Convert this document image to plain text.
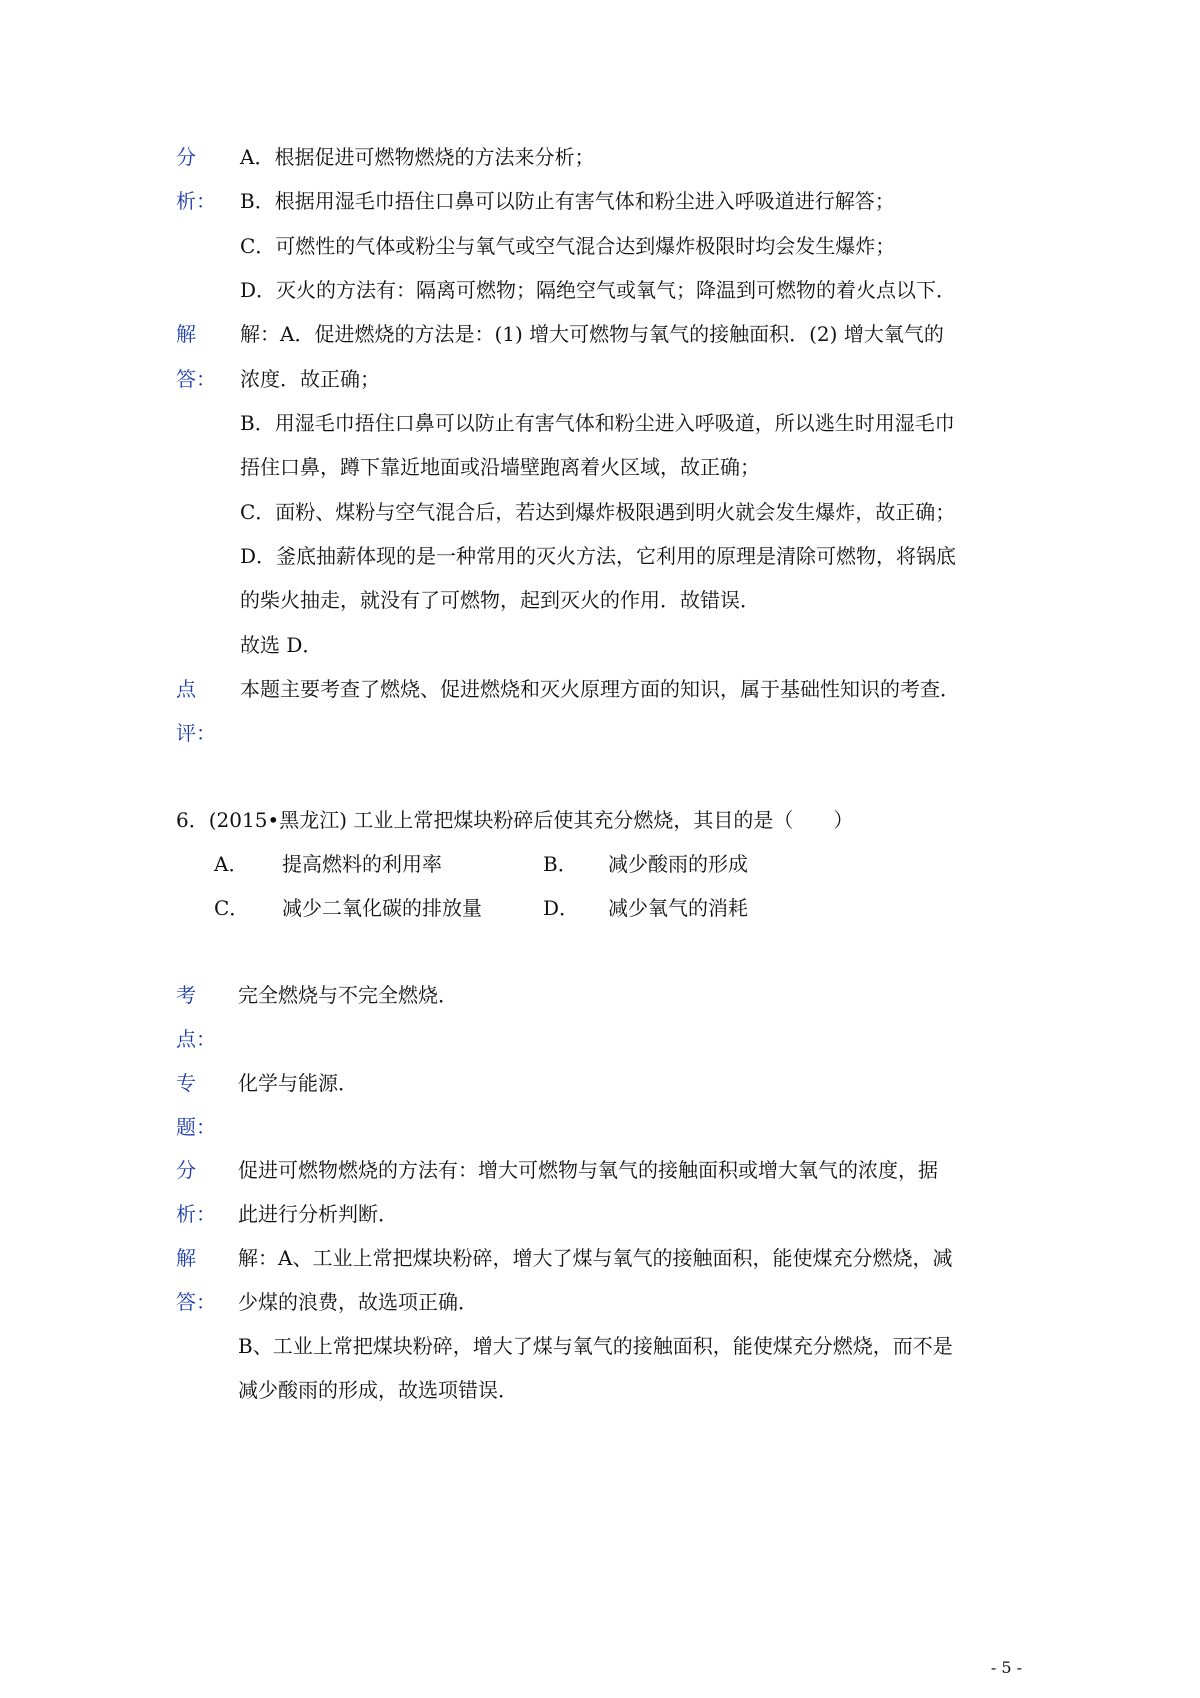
分
析：
A．根据促进可燃物燃烧的方法来分析；
B．根据用湿毛巾捂住口鼻可以防止有害气体和粉尘进入呼吸道进行解答；
C．可燃性的气体或粉尘与氧气或空气混合达到爆炸极限时均会发生爆炸；
D．灭火的方法有：隔离可燃物；隔绝空气或氧气；降温到可燃物的着火点以下．
解
答：
解：A．促进燃烧的方法是：(1) 增大可燃物与氧气的接触面积．(2) 增大氧气的
浓度．故正确；
B．用湿毛巾捂住口鼻可以防止有害气体和粉尘进入呼吸道，所以逃生时用湿毛巾
捂住口鼻，蹲下靠近地面或沿墙壁跑离着火区域，故正确；
C．面粉、煤粉与空气混合后，若达到爆炸极限遇到明火就会发生爆炸，故正确；
D．釜底抽薪体现的是一种常用的灭火方法，它利用的原理是清除可燃物，将锅底
的柴火抽走，就没有了可燃物，起到灭火的作用．故错误．
故选 D．
点
评：
本题主要考查了燃烧、促进燃烧和灭火原理方面的知识，属于基础性知识的考查．
6．(2015•黑龙江) 工业上常把煤块粉碎后使其充分燃烧，其目的是（　　）
A． 提高燃料的利用率	B． 减少酸雨的形成
C． 减少二氧化碳的排放量	D． 减少氧气的消耗
考
点：
完全燃烧与不完全燃烧．
专
题：
化学与能源．
分
析：
促进可燃物燃烧的方法有：增大可燃物与氧气的接触面积或增大氧气的浓度，据
此进行分析判断．
解
答：
解：A、工业上常把煤块粉碎，增大了煤与氧气的接触面积，能使煤充分燃烧，减
少煤的浪费，故选项正确．
B、工业上常把煤块粉碎，增大了煤与氧气的接触面积，能使煤充分燃烧，而不是
减少酸雨的形成，故选项错误．
- 5 -
